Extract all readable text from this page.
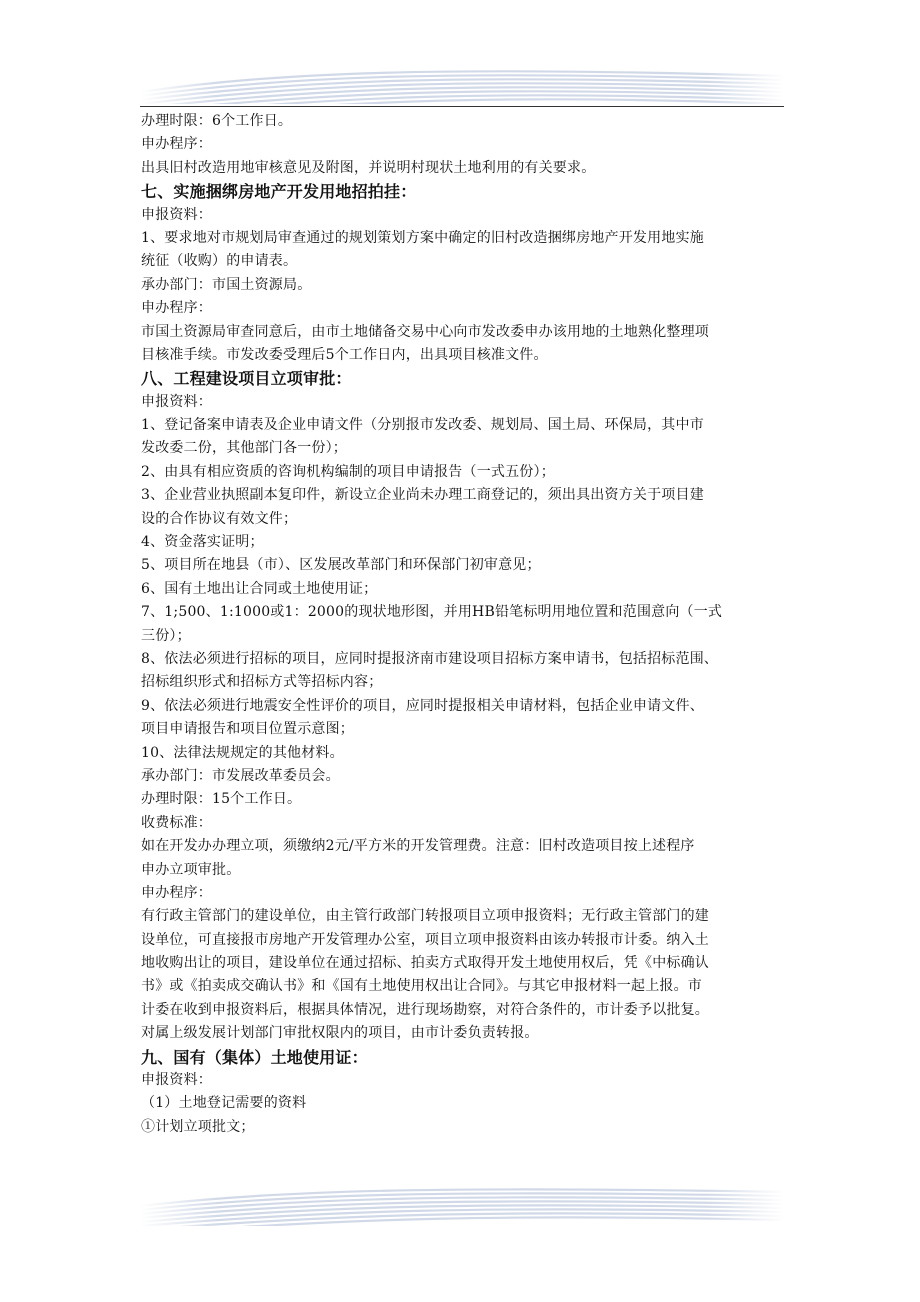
办理时限：6个工作日。
申办程序：
出具旧村改造用地审核意见及附图，并说明村现状土地利用的有关要求。
七、实施捆绑房地产开发用地招拍挂：
申报资料：
1、要求地对市规划局审查通过的规划策划方案中确定的旧村改造捆绑房地产开发用地实施
统征（收购）的申请表。
承办部门：市国土资源局。
申办程序：
市国土资源局审查同意后，由市土地储备交易中心向市发改委申办该用地的土地熟化整理项
目核准手续。市发改委受理后5个工作日内，出具项目核准文件。
八、工程建设项目立项审批：
申报资料：
1、登记备案申请表及企业申请文件（分别报市发改委、规划局、国土局、环保局，其中市
发改委二份，其他部门各一份）；
2、由具有相应资质的咨询机构编制的项目申请报告（一式五份）；
3、企业营业执照副本复印件，新设立企业尚未办理工商登记的，须出具出资方关于项目建
设的合作协议有效文件；
4、资金落实证明；
5、项目所在地县（市）、区发展改革部门和环保部门初审意见；
6、国有土地出让合同或土地使用证；
7、1;500、1:1000或1：2000的现状地形图，并用HB铅笔标明用地位置和范围意向（一式
三份）；
8、依法必须进行招标的项目，应同时提报济南市建设项目招标方案申请书，包括招标范围、
招标组织形式和招标方式等招标内容；
9、依法必须进行地震安全性评价的项目，应同时提报相关申请材料，包括企业申请文件、
项目申请报告和项目位置示意图；
10、法律法规规定的其他材料。
承办部门：市发展改革委员会。
办理时限：15个工作日。
收费标准：
如在开发办办理立项，须缴纳2元/平方米的开发管理费。注意：旧村改造项目按上述程序
申办立项审批。
申办程序：
有行政主管部门的建设单位，由主管行政部门转报项目立项申报资料；无行政主管部门的建
设单位，可直接报市房地产开发管理办公室，项目立项申报资料由该办转报市计委。纳入土
地收购出让的项目，建设单位在通过招标、拍卖方式取得开发土地使用权后，凭《中标确认
书》或《拍卖成交确认书》和《国有土地使用权出让合同》。与其它申报材料一起上报。市
计委在收到申报资料后，根据具体情况，进行现场勘察，对符合条件的，市计委予以批复。
对属上级发展计划部门审批权限内的项目，由市计委负责转报。
九、国有（集体）土地使用证：
申报资料：
（1）土地登记需要的资料
①计划立项批文；
